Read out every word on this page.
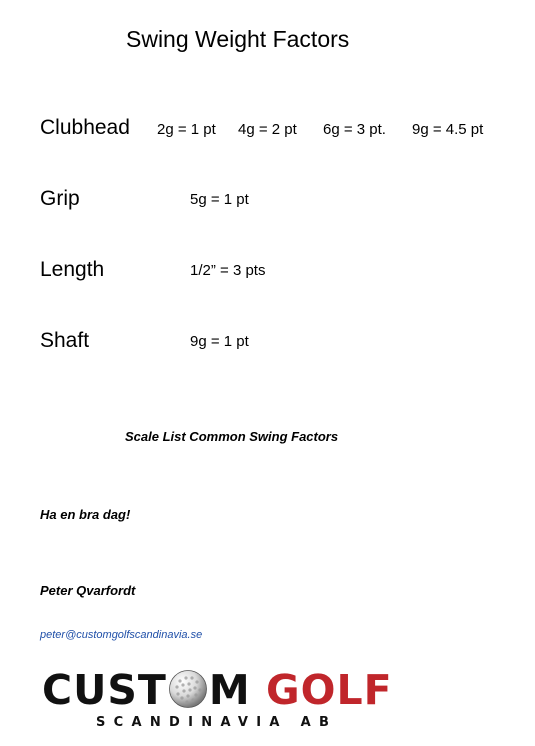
Swing Weight Factors
Clubhead 2g = 1 pt 4g = 2 pt 6g = 3 pt. 9g = 4.5 pt
Grip	5g = 1 pt
Length	1/2” = 3 pts
Shaft	9g = 1 pt
Scale List Common Swing Factors
Ha en bra dag!
Peter Qvarfordt
peter@customgolfscandinavia.se
CUST M GOLF
SCANDINAVIA AB
